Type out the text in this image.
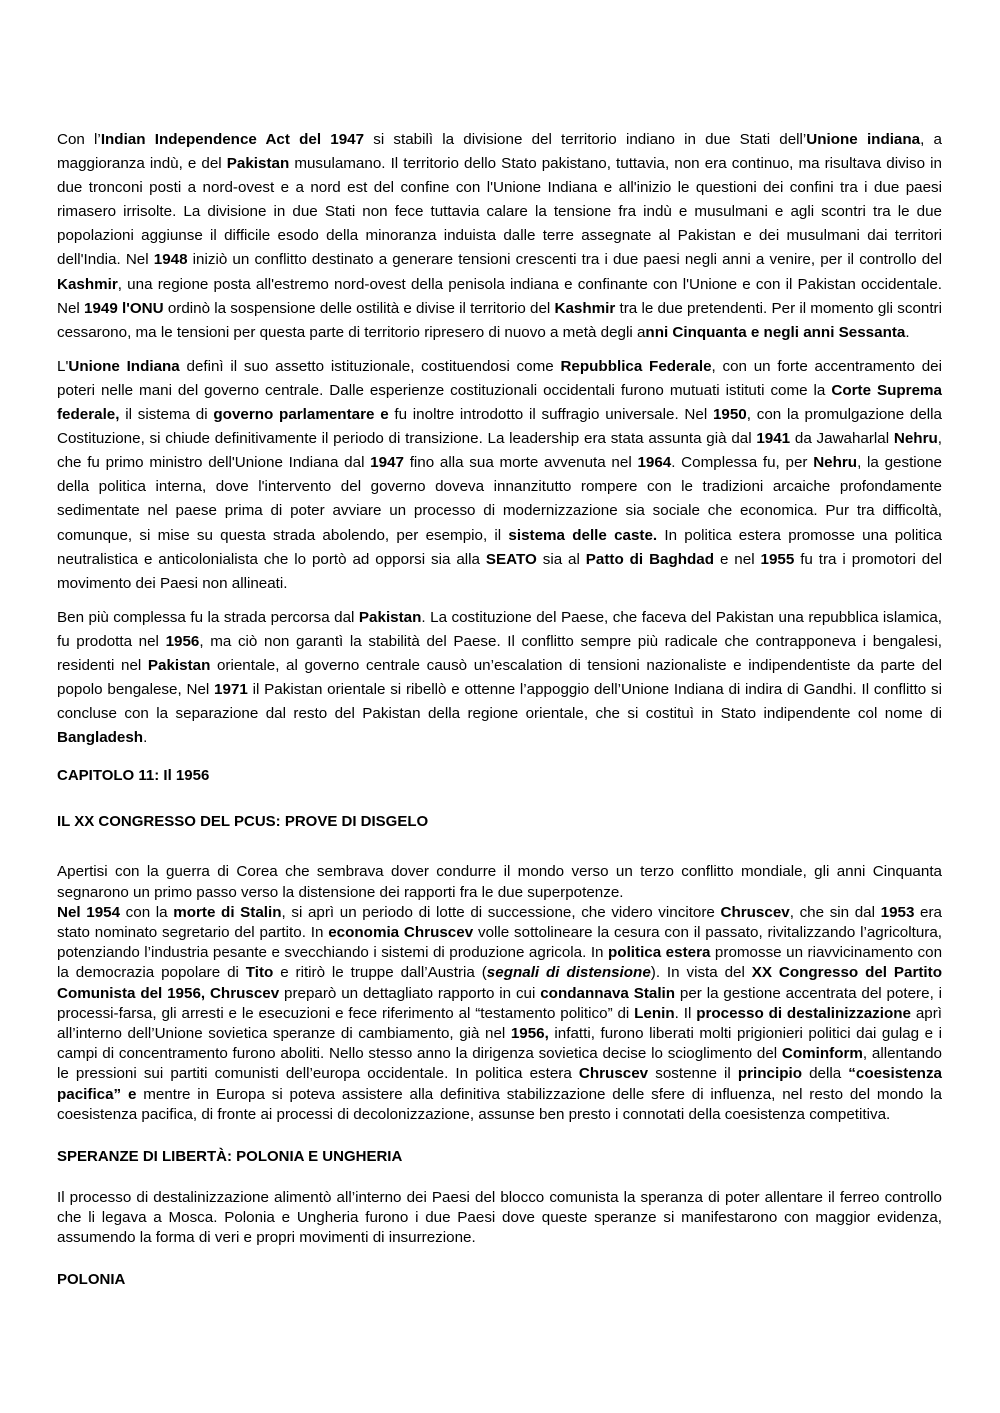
Con l’Indian Independence Act del 1947 si stabilì la divisione del territorio indiano in due Stati dell’Unione indiana, a maggioranza indù, e del Pakistan musulamano. Il territorio dello Stato pakistano, tuttavia, non era continuo, ma risultava diviso in due tronconi posti a nord-ovest e a nord est del confine con l'Unione Indiana e all'inizio le questioni dei confini tra i due paesi rimasero irrisolte. La divisione in due Stati non fece tuttavia calare la tensione fra indù e musulmani e agli scontri tra le due popolazioni aggiunse il difficile esodo della minoranza induista dalle terre assegnate al Pakistan e dei musulmani dai territori dell'India. Nel 1948 iniziò un conflitto destinato a generare tensioni crescenti tra i due paesi negli anni a venire, per il controllo del Kashmir, una regione posta all'estremo nord-ovest della penisola indiana e confinante con l'Unione e con il Pakistan occidentale. Nel 1949 l'ONU ordinò la sospensione delle ostilità e divise il territorio del Kashmir tra le due pretendenti. Per il momento gli scontri cessarono, ma le tensioni per questa parte di territorio ripresero di nuovo a metà degli anni Cinquanta e negli anni Sessanta.

L'Unione Indiana definì il suo assetto istituzionale, costituendosi come Repubblica Federale, con un forte accentramento dei poteri nelle mani del governo centrale. Dalle esperienze costituzionali occidentali furono mutuati istituti come la Corte Suprema federale, il sistema di governo parlamentare e fu inoltre introdotto il suffragio universale. Nel 1950, con la promulgazione della Costituzione, si chiude definitivamente il periodo di transizione. La leadership era stata assunta già dal 1941 da Jawaharlal Nehru, che fu primo ministro dell'Unione Indiana dal 1947 fino alla sua morte avvenuta nel 1964. Complessa fu, per Nehru, la gestione della politica interna, dove l'intervento del governo doveva innanzitutto rompere con le tradizioni arcaiche profondamente sedimentate nel paese prima di poter avviare un processo di modernizzazione sia sociale che economica. Pur tra difficoltà, comunque, si mise su questa strada abolendo, per esempio, il sistema delle caste. In politica estera promosse una politica neutralistica e anticolonialista che lo portò ad opporsi sia alla SEATO sia al Patto di Baghdad e nel 1955 fu tra i promotori del movimento dei Paesi non allineati.

Ben più complessa fu la strada percorsa dal Pakistan. La costituzione del Paese, che faceva del Pakistan una repubblica islamica, fu prodotta nel 1956, ma ciò non garantì la stabilità del Paese. Il conflitto sempre più radicale che contrapponeva i bengalesi, residenti nel Pakistan orientale, al governo centrale causò un’escalation di tensioni nazionaliste e indipendentiste da parte del popolo bengalese, Nel 1971 il Pakistan orientale si ribellò e ottenne l’appoggio dell’Unione Indiana di indira di Gandhi. Il conflitto si concluse con la separazione dal resto del Pakistan della regione orientale, che si costituì in Stato indipendente col nome di Bangladesh.

CAPITOLO 11: Il 1956

IL XX CONGRESSO DEL PCUS: PROVE DI DISGELO

Apertisi con la guerra di Corea che sembrava dover condurre il mondo verso un terzo conflitto mondiale, gli anni Cinquanta segnarono un primo passo verso la distensione dei rapporti fra le due superpotenze.

Nel 1954 con la morte di Stalin, si aprì un periodo di lotte di successione, che videro vincitore Chruscev, che sin dal 1953 era stato nominato segretario del partito. In economia Chruscev volle sottolineare la cesura con il passato, rivitalizzando l’agricoltura, potenziando l’industria pesante e svecchiando i sistemi di produzione agricola. In politica estera promosse un riavvicinamento con la democrazia popolare di Tito e ritirò le truppe dall’Austria (segnali di distensione). In vista del XX Congresso del Partito Comunista del 1956, Chruscev preparò un dettagliato rapporto in cui condannava Stalin per la gestione accentrata del potere, i processi-farsa, gli arresti e le esecuzioni e fece riferimento al “testamento politico” di Lenin. Il processo di destalinizzazione aprì all’interno dell’Unione sovietica speranze di cambiamento, già nel 1956, infatti, furono liberati molti prigionieri politici dai gulag e i campi di concentramento furono aboliti. Nello stesso anno la dirigenza sovietica decise lo scioglimento del Cominform, allentando le pressioni sui partiti comunisti dell’europa occidentale. In politica estera Chruscev sostenne il principio della “coesistenza pacifica” e mentre in Europa si poteva assistere alla definitiva stabilizzazione delle sfere di influenza, nel resto del mondo la coesistenza pacifica, di fronte ai processi di decolonizzazione, assunse ben presto i connotati della coesistenza competitiva.

SPERANZE DI LIBERTÀ: POLONIA E UNGHERIA

Il processo di destalinizzazione alimentò all’interno dei Paesi del blocco comunista la speranza di poter allentare il ferreo controllo che li legava a Mosca. Polonia e Ungheria furono i due Paesi dove queste speranze si manifestarono con maggior evidenza, assumendo la forma di veri e propri movimenti di insurrezione.

POLONIA
